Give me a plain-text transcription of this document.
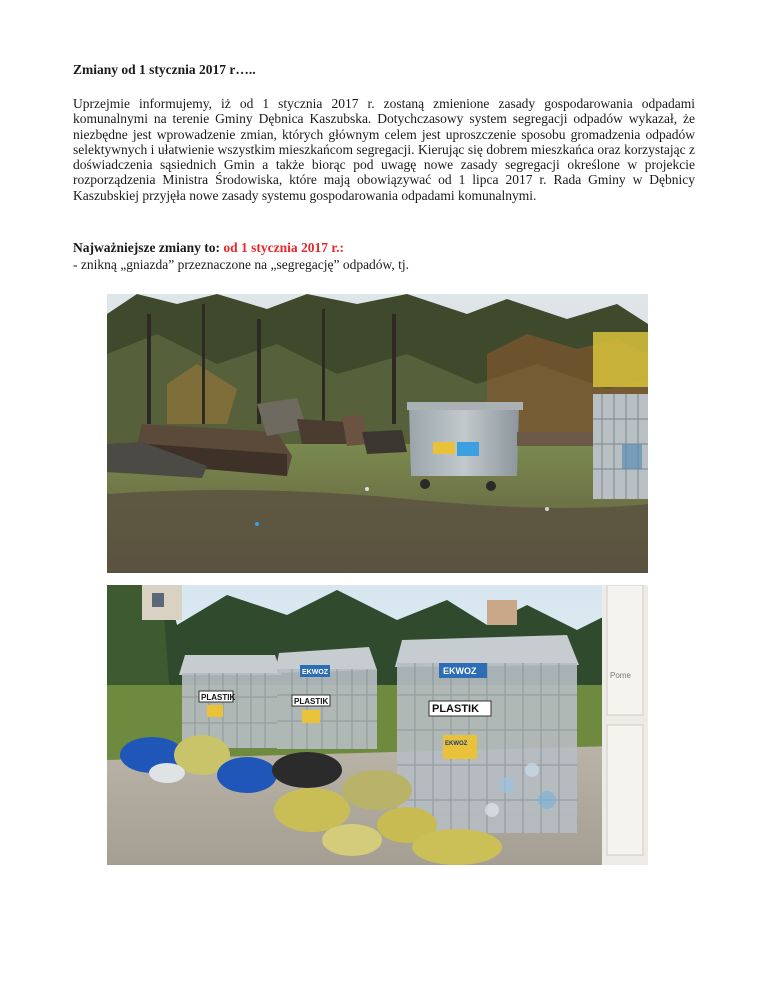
Zmiany od 1 stycznia 2017 r…..

Uprzejmie informujemy, iż od 1 stycznia 2017 r. zostaną zmienione zasady gospodarowania odpadami komunalnymi na terenie Gminy Dębnica Kaszubska. Dotychczasowy system segregacji odpadów wykazał, że niezbędne jest wprowadzenie zmian, których głównym celem jest uproszczenie sposobu gromadzenia odpadów selektywnych i ułatwienie wszystkim mieszkańcom segregacji. Kierując się dobrem mieszkańca oraz korzystając z doświadczenia sąsiednich Gmin a także biorąc pod uwagę nowe zasady segregacji określone w projekcie rozporządzenia Ministra Środowiska, które mają obowiązywać od 1 lipca 2017 r. Rada Gminy w Dębnicy Kaszubskiej przyjęła nowe zasady systemu gospodarowania odpadami komunalnymi.

Najważniejsze zmiany to: od 1 stycznia 2017 r.:

- znikną „gniazda” przeznaczone na „segregację” odpadów, tj.

Pome
PLASTIK
EKWOZ
PLASTIK
EKWOZ
PLASTIK
EKWOZ
